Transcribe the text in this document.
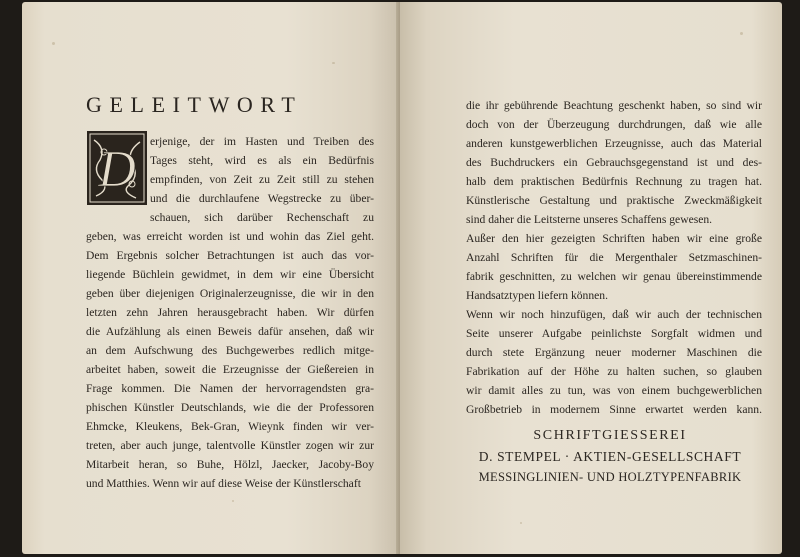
GELEITWORT
D erjenige, der im Hasten und Treiben des
Tages steht, wird es als ein Bedürfnis
empfinden, von Zeit zu Zeit still zu stehen
und die durchlaufene Wegstrecke zu über-
schauen, sich darüber Rechenschaft zu
geben, was erreicht worden ist und wohin das Ziel geht.
Dem Ergebnis solcher Betrachtungen ist auch das vor-
liegende Büchlein gewidmet, in dem wir eine Übersicht
geben über diejenigen Originalerzeugnisse, die wir in den
letzten zehn Jahren herausgebracht haben. Wir dürfen
die Aufzählung als einen Beweis dafür ansehen, daß wir
an dem Aufschwung des Buchgewerbes redlich mitge-
arbeitet haben, soweit die Erzeugnisse der Gießereien in
Frage kommen. Die Namen der hervorragendsten gra-
phischen Künstler Deutschlands, wie die der Professoren
Ehmcke, Kleukens, Bek-Gran, Wieynk finden wir ver-
treten, aber auch junge, talentvolle Künstler zogen wir zur
Mitarbeit heran, so Buhe, Hölzl, Jaecker, Jacoby-Boy
und Matthies. Wenn wir auf diese Weise der Künstlerschaft
die ihr gebührende Beachtung geschenkt haben, so sind wir
doch von der Überzeugung durchdrungen, daß wie alle
anderen kunstgewerblichen Erzeugnisse, auch das Material
des Buchdruckers ein Gebrauchsgegenstand ist und des-
halb dem praktischen Bedürfnis Rechnung zu tragen hat.
Künstlerische Gestaltung und praktische Zweckmäßigkeit
sind daher die Leitsterne unseres Schaffens gewesen.
Außer den hier gezeigten Schriften haben wir eine große
Anzahl Schriften für die Mergenthaler Setzmaschinen-
fabrik geschnitten, zu welchen wir genau übereinstimmende
Handsatztypen liefern können.
Wenn wir noch hinzufügen, daß wir auch der technischen
Seite unserer Aufgabe peinlichste Sorgfalt widmen und
durch stete Ergänzung neuer moderner Maschinen die
Fabrikation auf der Höhe zu halten suchen, so glauben
wir damit alles zu tun, was von einem buchgewerblichen
Großbetrieb in modernem Sinne erwartet werden kann.
SCHRIFTGIESSEREI
D. STEMPEL · AKTIEN-GESELLSCHAFT
MESSINGLINIEN- UND HOLZTYPENFABRIK
